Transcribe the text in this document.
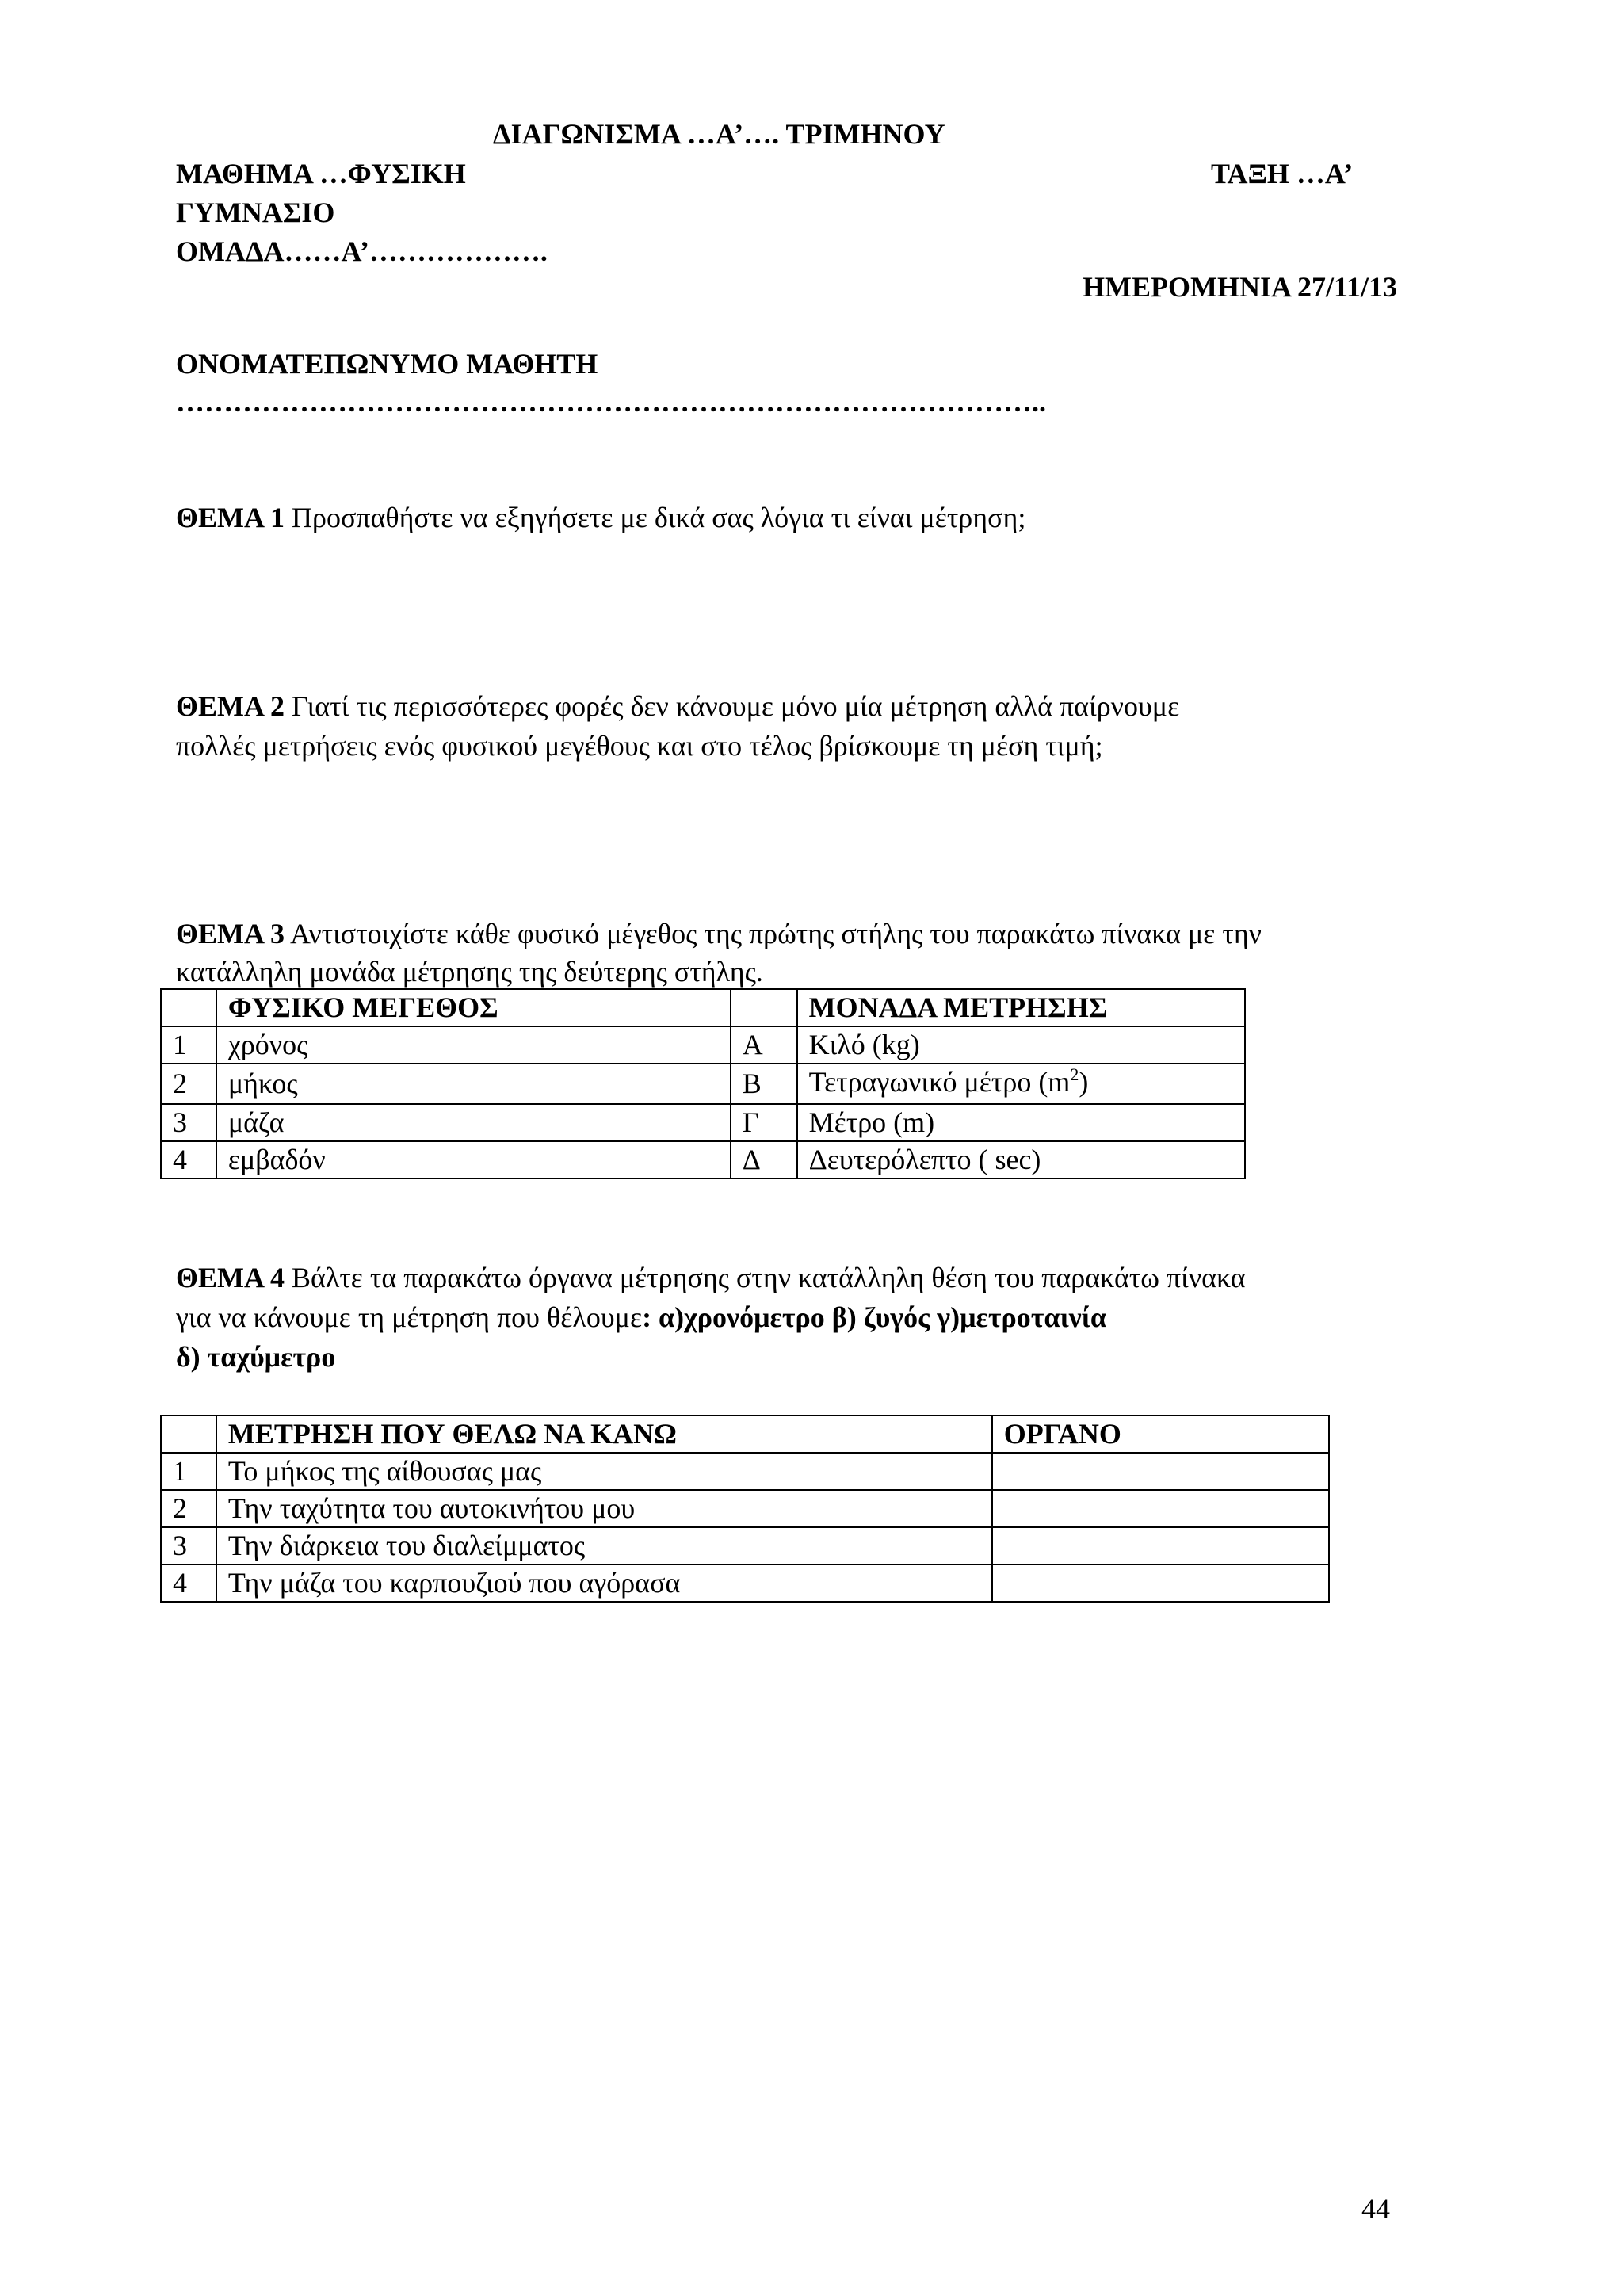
ΔΙΑΓΩΝΙΣΜΑ …Α’…. ΤΡΙΜΗΝΟΥ
ΜΑΘΗΜΑ …ΦΥΣΙΚΗ	ΤΑΞΗ …Α’
ΓΥΜΝΑΣΙΟ
ΟΜΑΔΑ……Α’……………….
ΗΜΕΡΟΜΗΝΙΑ 27/11/13
ΟΝΟΜΑΤΕΠΩΝΥΜΟ ΜΑΘΗΤΗ
………………………………………………………………………………..
ΘΕΜΑ 1 Προσπαθήστε να εξηγήσετε με δικά σας λόγια τι είναι μέτρηση;
ΘΕΜΑ 2 Γιατί τις περισσότερες φορές δεν κάνουμε μόνο μία μέτρηση αλλά παίρνουμε
πολλές μετρήσεις ενός φυσικού μεγέθους και στο τέλος βρίσκουμε τη μέση τιμή;
ΘΕΜΑ 3 Αντιστοιχίστε κάθε φυσικό μέγεθος της πρώτης στήλης του παρακάτω πίνακα με την
κατάλληλη μονάδα μέτρησης της δεύτερης στήλης.
	ΦΥΣΙΚΟ ΜΕΓΕΘΟΣ		ΜΟΝΑΔΑ ΜΕΤΡΗΣΗΣ
1	χρόνος	Α	Κιλό (kg)
2	μήκος	Β	Τετραγωνικό μέτρο $(m^2)$
3	μάζα	Γ	Μέτρο (m)
4	εμβαδόν	Δ	Δευτερόλεπτο ( sec)
ΘΕΜΑ 4 Βάλτε τα παρακάτω όργανα μέτρησης στην κατάλληλη θέση του παρακάτω πίνακα
για να κάνουμε τη μέτρηση που θέλουμε: α)χρονόμετρο β) ζυγός γ)μετροταινία
δ) ταχύμετρο
	ΜΕΤΡΗΣΗ ΠΟΥ ΘΕΛΩ ΝΑ ΚΑΝΩ	ΟΡΓΑΝΟ
1	Το μήκος της αίθουσας μας	
2	Την ταχύτητα του αυτοκινήτου μου	
3	Την διάρκεια του διαλείμματος	
4	Την μάζα του καρπουζιού που αγόρασα	
44
